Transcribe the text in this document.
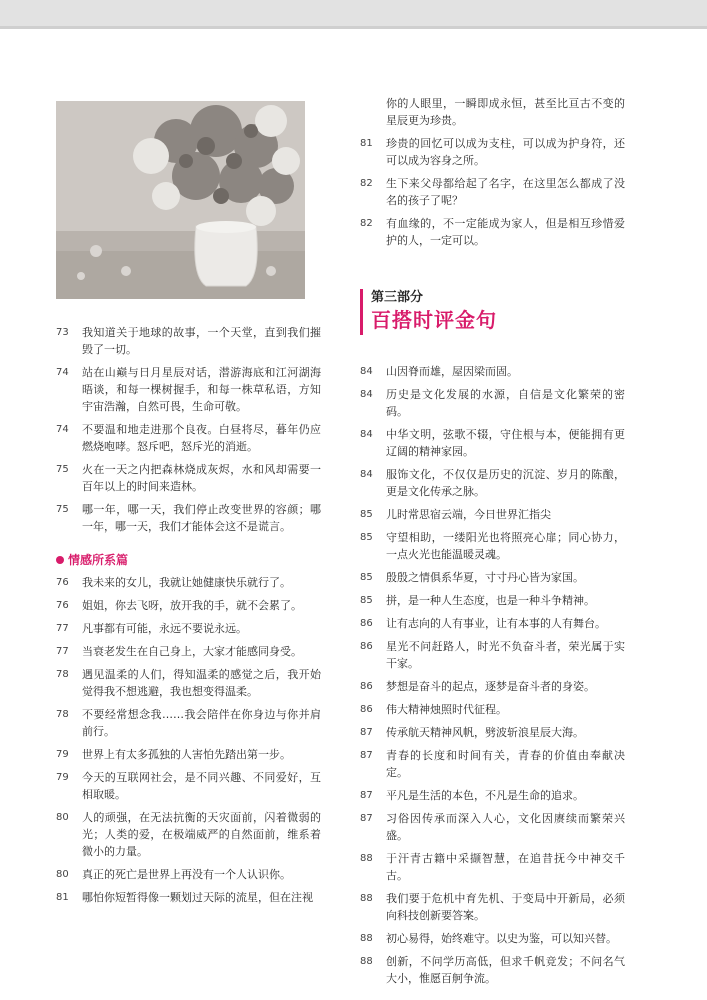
73	我知道关于地球的故事，一个天堂，直到我们摧毁了一切。
74	站在山巅与日月星辰对话，潜游海底和江河湖海晤谈，和每一棵树握手，和每一株草私语，方知宇宙浩瀚，自然可畏，生命可敬。
74	不要温和地走进那个良夜。白昼将尽，暮年仍应燃烧咆哮。怒斥吧，怒斥光的消逝。
75	火在一天之内把森林烧成灰烬，水和风却需要一百年以上的时间来造林。
75	哪一年，哪一天，我们停止改变世界的容颜；哪一年，哪一天，我们才能体会这不是谎言。
情感所系篇
76	我未来的女儿，我就让她健康快乐就行了。
76	姐姐，你去飞呀，放开我的手，就不会累了。
77	凡事都有可能，永远不要说永远。
77	当衰老发生在自己身上，大家才能感同身受。
78	遇见温柔的人们，得知温柔的感觉之后，我开始觉得我不想逃避，我也想变得温柔。
78	不要经常想念我……我会陪伴在你身边与你并肩前行。
79	世界上有太多孤独的人害怕先踏出第一步。
79	今天的互联网社会，是不同兴趣、不同爱好，互相取暖。
80	人的顽强，在无法抗衡的天灾面前，闪着微弱的光；人类的爱，在极端威严的自然面前，维系着微小的力量。
80	真正的死亡是世界上再没有一个人认识你。
81	哪怕你短暂得像一颗划过天际的流星，但在注视
你的人眼里，一瞬即成永恒，甚至比亘古不变的星辰更为珍贵。
81	珍贵的回忆可以成为支柱，可以成为护身符，还可以成为容身之所。
82	生下来父母都给起了名字，在这里怎么都成了没名的孩子了呢？
82	有血缘的，不一定能成为家人，但是相互珍惜爱护的人，一定可以。
第三部分
百搭时评金句
84	山因脊而雄，屋因梁而固。
84	历史是文化发展的水源，自信是文化繁荣的密码。
84	中华文明，弦歌不辍，守住根与本，便能拥有更辽阔的精神家园。
84	服饰文化，不仅仅是历史的沉淀、岁月的陈酿，更是文化传承之脉。
85	儿时常思宿云端，今日世界汇指尖
85	守望相助，一缕阳光也将照亮心扉；同心协力，一点火光也能温暖灵魂。
85	殷殷之情俱系华夏，寸寸丹心皆为家国。
85	拼，是一种人生态度，也是一种斗争精神。
86	让有志向的人有事业，让有本事的人有舞台。
86	星光不问赶路人，时光不负奋斗者，荣光属于实干家。
86	梦想是奋斗的起点，逐梦是奋斗者的身姿。
86	伟大精神烛照时代征程。
87	传承航天精神风帆，劈波斩浪星辰大海。
87	青春的长度和时间有关，青春的价值由奉献决定。
87	平凡是生活的本色，不凡是生命的追求。
87	习俗因传承而深入人心，文化因赓续而繁荣兴盛。
88	于汗青古籍中采撷智慧，在追昔抚今中神交千古。
88	我们要于危机中育先机、于变局中开新局，必须向科技创新要答案。
88	初心易得，始终难守。以史为鉴，可以知兴替。
88	创新，不问学历高低，但求千帆竞发；不问名气大小，惟愿百舸争流。
